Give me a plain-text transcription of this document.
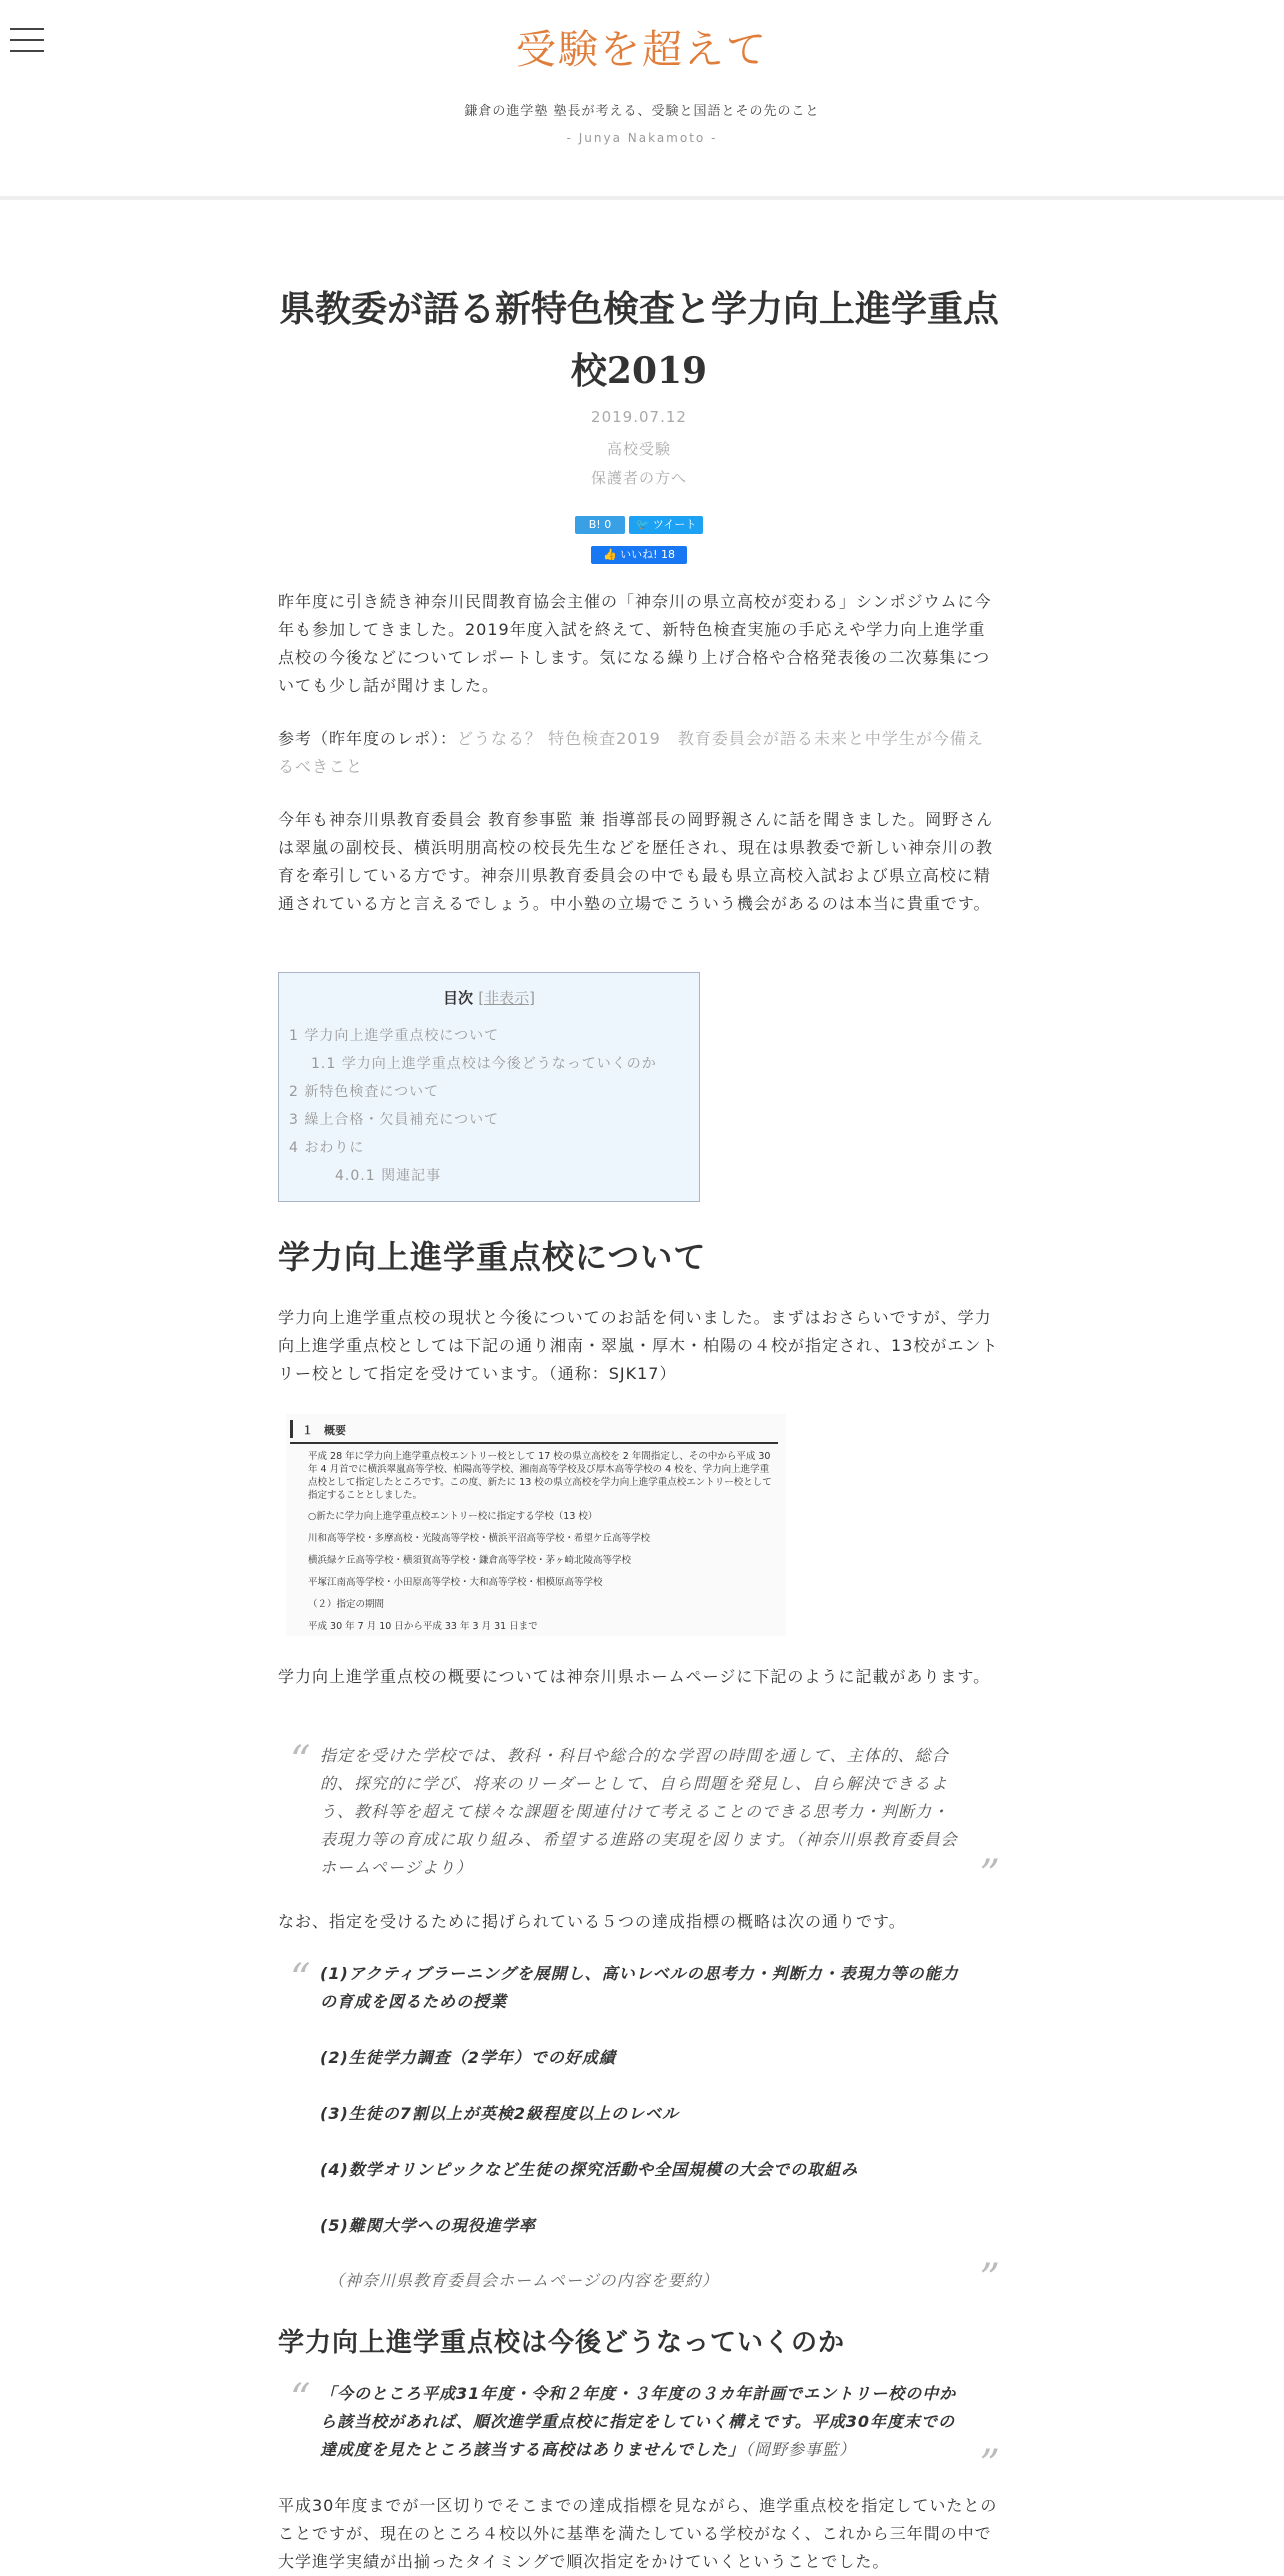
受験を超えて
鎌倉の進学塾 塾長が考える、受験と国語とその先のこと
- Junya Nakamoto -
県教委が語る新特色検査と学力向上進学重点校2019
2019.07.12
高校受験
保護者の方へ
B! 0 🐦 ツイート
👍 いいね! 18

昨年度に引き続き神奈川民間教育協会主催の「神奈川の県立高校が変わる」シンポジウムに今年も参加してきました。2019年度入試を終えて、新特色検査実施の手応えや学力向上進学重点校の今後などについてレポートします。気になる繰り上げ合格や合格発表後の二次募集についても少し話が聞けました。

参考（昨年度のレポ）：どうなる？ 特色検査2019　教育委員会が語る未来と中学生が今備えるべきこと

今年も神奈川県教育委員会 教育参事監 兼 指導部長の岡野親さんに話を聞きました。岡野さんは翠嵐の副校長、横浜明朋高校の校長先生などを歴任され、現在は県教委で新しい神奈川の教育を牽引している方です。神奈川県教育委員会の中でも最も県立高校入試および県立高校に精通されている方と言えるでしょう。中小塾の立場でこういう機会があるのは本当に貴重です。

目次 [非表示]
1 学力向上進学重点校について
1.1 学力向上進学重点校は今後どうなっていくのか
2 新特色検査について
3 繰上合格・欠員補充について
4 おわりに
4.0.1 関連記事
学力向上進学重点校について

学力向上進学重点校の現状と今後についてのお話を伺いました。まずはおさらいですが、学力向上進学重点校としては下記の通り湘南・翠嵐・厚木・柏陽の４校が指定され、13校がエントリー校として指定を受けています。（通称：SJK17）

１　概要
平成 28 年に学力向上進学重点校エントリー校として 17 校の県立高校を 2 年間指定し、その中から平成 30
年 4 月首でに横浜翠嵐高等学校、柏陽高等学校、湘南高等学校及び厚木高等学校の 4 校を、学力向上進学重
点校として指定したところです。この度、新たに 13 校の県立高校を学力向上進学重点校エントリー校として
指定することとしました。
○新たに学力向上進学重点校エントリー校に指定する学校（13 校）
川和高等学校・多摩高校・光陵高等学校・横浜平沼高等学校・希望ケ丘高等学校
横浜緑ケ丘高等学校・横須賀高等学校・鎌倉高等学校・茅ヶ崎北陵高等学校
平塚江南高等学校・小田原高等学校・大和高等学校・相模原高等学校
（２）指定の期間
平成 30 年 7 月 10 日から平成 33 年 3 月 31 日まで

学力向上進学重点校の概要については神奈川県ホームページに下記のように記載があります。

“ 指定を受けた学校では、教科・科目や総合的な学習の時間を通して、主体的、総合的、探究的に学び、将来のリーダーとして、自ら問題を発見し、自ら解決できるよう、教科等を超えて様々な課題を関連付けて考えることのできる思考力・判断力・表現力等の育成に取り組み、希望する進路の実現を図ります。（神奈川県教育委員会ホームページより）	”

なお、指定を受けるために掲げられている５つの達成指標の概略は次の通りです。

“ (1)アクティブラーニングを展開し、高いレベルの思考力・判断力・表現力等の能力の育成を図るための授業
(2)生徒学力調査（2学年）での好成績
(3)生徒の7割以上が英検2級程度以上のレベル
(4)数学オリンピックなど生徒の探究活動や全国規模の大会での取組み
(5)難関大学への現役進学率
（神奈川県教育委員会ホームページの内容を要約）	”
学力向上進学重点校は今後どうなっていくのか
“ 「今のところ平成31年度・令和２年度・３年度の３カ年計画でエントリー校の中から該当校があれば、順次進学重点校に指定をしていく構えです。平成30年度末での達成度を見たところ該当する高校はありませんでした」（岡野参事監）	”

平成30年度までが一区切りでそこまでの達成指標を見ながら、進学重点校を指定していたとのことですが、現在のところ４校以外に基準を満たしている学校がなく、これから三年間の中で大学進学実績が出揃ったタイミングで順次指定をかけていくということでした。
